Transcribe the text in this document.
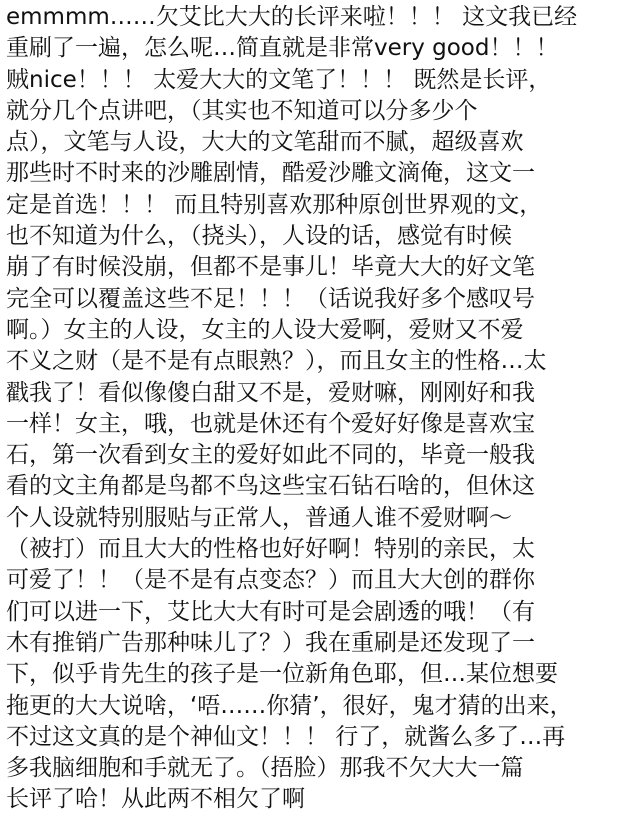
emmmm……欠艾比大大的长评来啦！！！ 这文我已经
重刷了一遍，怎么呢…简直就是非常very good！！！
贼nice！！！ 太爱大大的文笔了！！！ 既然是长评，
就分几个点讲吧，（其实也不知道可以分多少个
点），文笔与人设，大大的文笔甜而不腻，超级喜欢
那些时不时来的沙雕剧情，酷爱沙雕文滴俺，这文一
定是首选！！！ 而且特别喜欢那种原创世界观的文，
也不知道为什么，（挠头），人设的话，感觉有时候
崩了有时候没崩，但都不是事儿！毕竟大大的好文笔
完全可以覆盖这些不足！！！（话说我好多个感叹号
啊。）女主的人设，女主的人设大爱啊，爱财又不爱
不义之财（是不是有点眼熟？），而且女主的性格…太
戳我了！看似像傻白甜又不是，爱财嘛，刚刚好和我
一样！女主，哦，也就是休还有个爱好好像是喜欢宝
石，第一次看到女主的爱好如此不同的，毕竟一般我
看的文主角都是鸟都不鸟这些宝石钻石啥的，但休这
个人设就特别服贴与正常人，普通人谁不爱财啊～
（被打）而且大大的性格也好好啊！特别的亲民，太
可爱了！！（是不是有点变态？）而且大大创的群你
们可以进一下，艾比大大有时可是会剧透的哦！（有
木有推销广告那种味儿了？）我在重刷是还发现了一
下，似乎肯先生的孩子是一位新角色耶，但…某位想要
拖更的大大说啥，‘唔……你猜’，很好，鬼才猜的出来，
不过这文真的是个神仙文！！！ 行了，就酱么多了…再
多我脑细胞和手就无了。（捂脸）那我不欠大大一篇
长评了哈！从此两不相欠了啊
